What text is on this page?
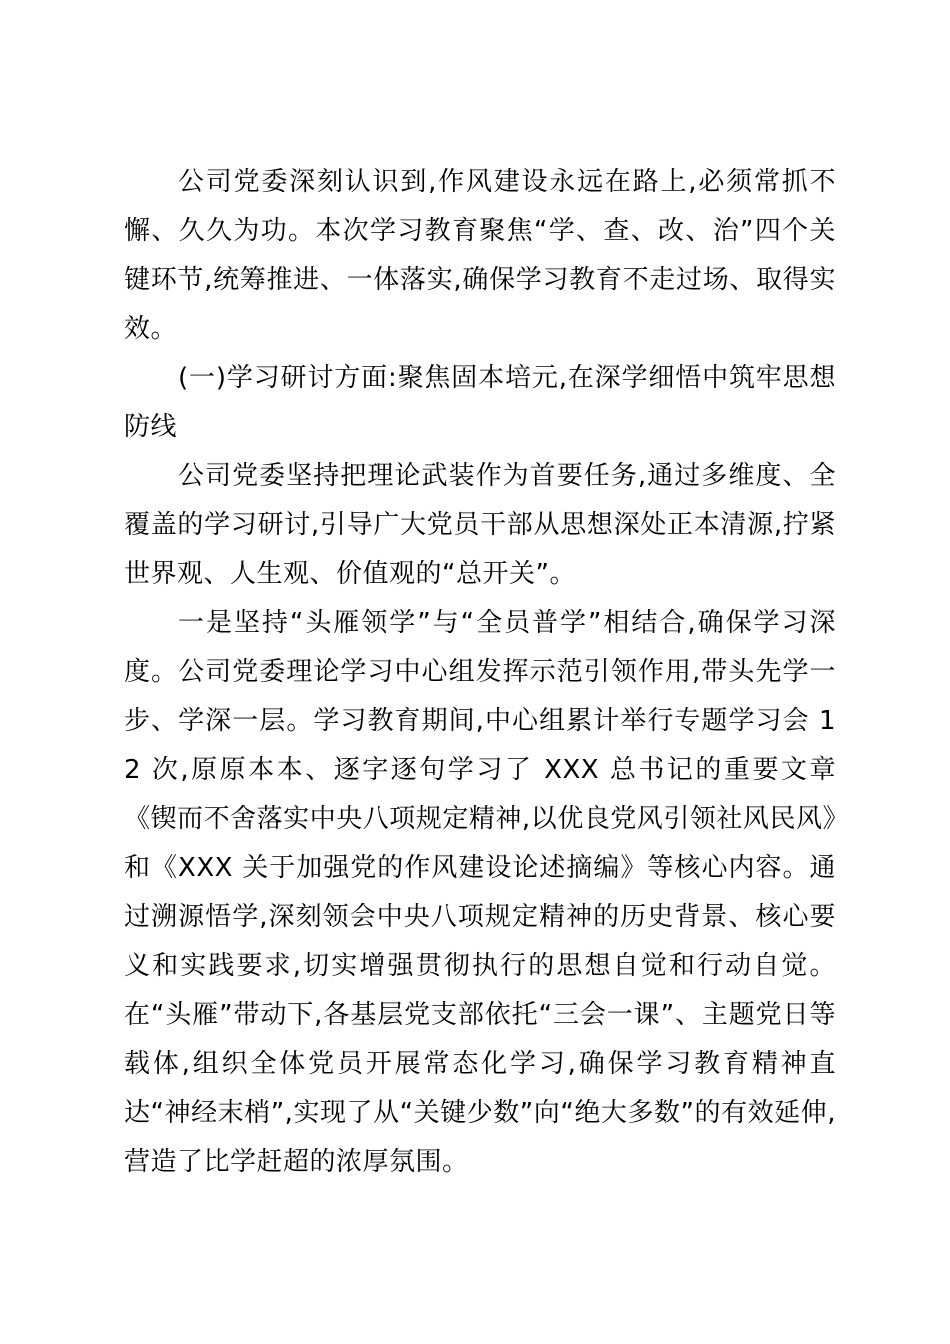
公司党委深刻认识到,作风建设永远在路上,必须常抓不懈、久久为功。本次学习教育聚焦“学、查、改、治”四个关键环节,统筹推进、一体落实,确保学习教育不走过场、取得实效。

(一)学习研讨方面:聚焦固本培元,在深学细悟中筑牢思想防线

公司党委坚持把理论武装作为首要任务,通过多维度、全覆盖的学习研讨,引导广大党员干部从思想深处正本清源,拧紧世界观、人生观、价值观的“总开关”。

一是坚持“头雁领学”与“全员普学”相结合,确保学习深度。公司党委理论学习中心组发挥示范引领作用,带头先学一步、学深一层。学习教育期间,中心组累计举行专题学习会 12 次,原原本本、逐字逐句学习了 XXX 总书记的重要文章《锲而不舍落实中央八项规定精神,以优良党风引领社风民风》和《XXX 关于加强党的作风建设论述摘编》等核心内容。通过溯源悟学,深刻领会中央八项规定精神的历史背景、核心要义和实践要求,切实增强贯彻执行的思想自觉和行动自觉。在“头雁”带动下,各基层党支部依托“三会一课”、主题党日等载体,组织全体党员开展常态化学习,确保学习教育精神直达“神经末梢”,实现了从“关键少数”向“绝大多数”的有效延伸,营造了比学赶超的浓厚氛围。
